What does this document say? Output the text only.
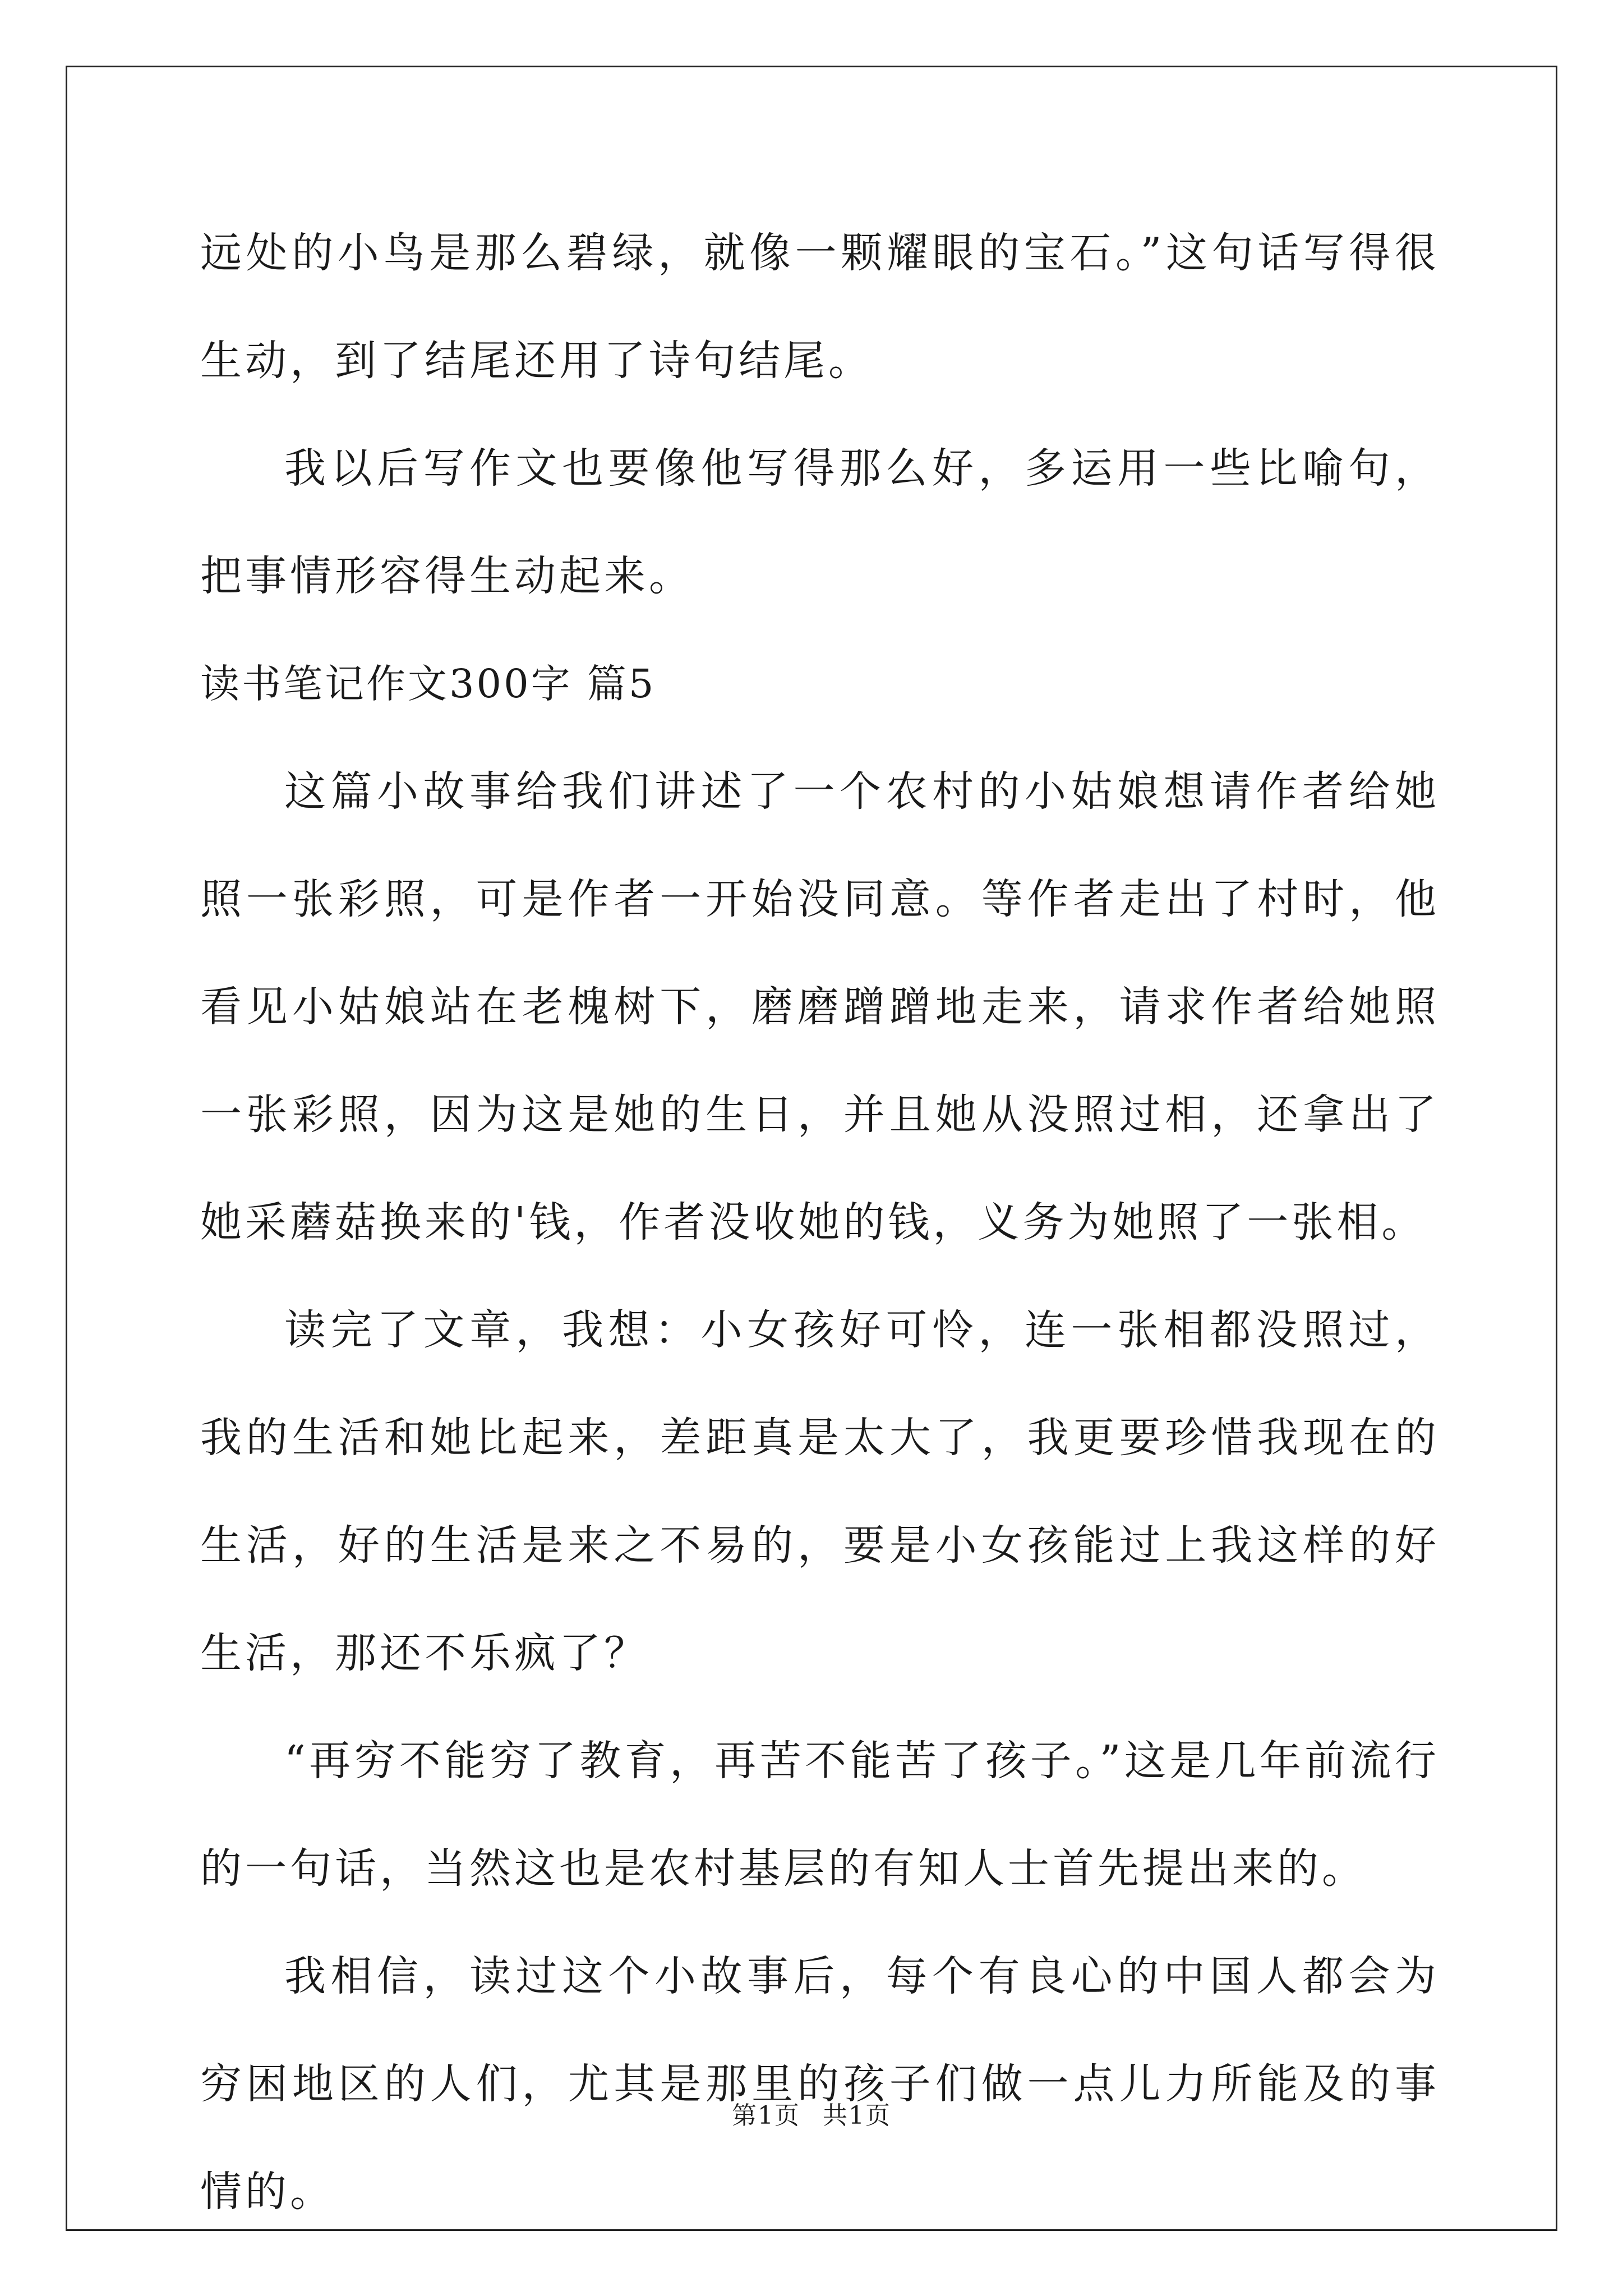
远处的小鸟是那么碧绿，就像一颗耀眼的宝石。”这句话写得很生动，到了结尾还用了诗句结尾。

我以后写作文也要像他写得那么好，多运用一些比喻句，把事情形容得生动起来。

读书笔记作文300字 篇5

这篇小故事给我们讲述了一个农村的小姑娘想请作者给她照一张彩照，可是作者一开始没同意。等作者走出了村时，他看见小姑娘站在老槐树下，磨磨蹭蹭地走来，请求作者给她照一张彩照，因为这是她的生日，并且她从没照过相，还拿出了她采蘑菇换来的'钱，作者没收她的钱，义务为她照了一张相。

读完了文章，我想：小女孩好可怜，连一张相都没照过，我的生活和她比起来，差距真是太大了，我更要珍惜我现在的生活，好的生活是来之不易的，要是小女孩能过上我这样的好生活，那还不乐疯了？

“再穷不能穷了教育，再苦不能苦了孩子。”这是几年前流行的一句话，当然这也是农村基层的有知人士首先提出来的。

我相信，读过这个小故事后，每个有良心的中国人都会为穷困地区的人们，尤其是那里的孩子们做一点儿力所能及的事情的。

第1页 共1页
